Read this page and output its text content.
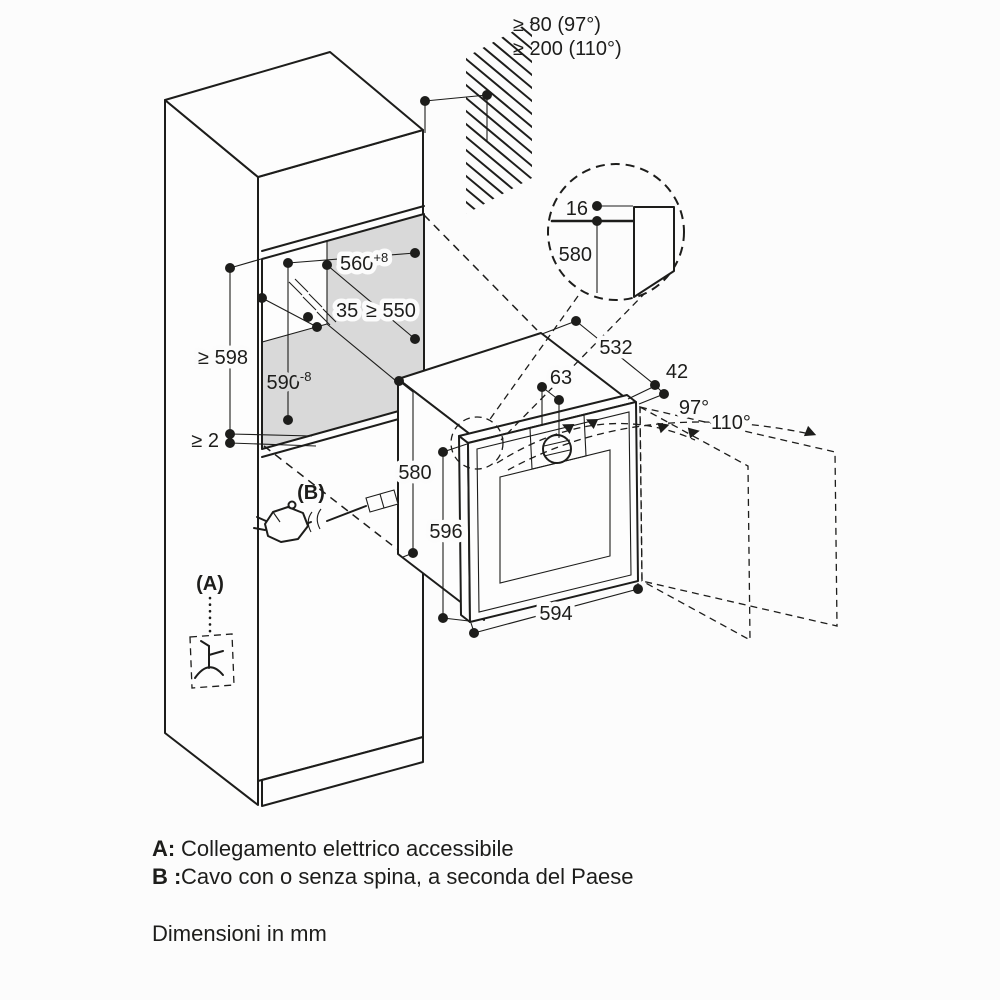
16
580
(B)
(A)
≥ 80 (97°)
≥ 200 (110°)
$560^{+8}$
35 ≥ 550
≥ 598
$590^{-8}$
≥ 2
532
63	42
97°
110°
580
596
594
A: Collegamento elettrico accessibile
B : Cavo con o senza spina, a seconda del Paese
Dimensioni in mm
